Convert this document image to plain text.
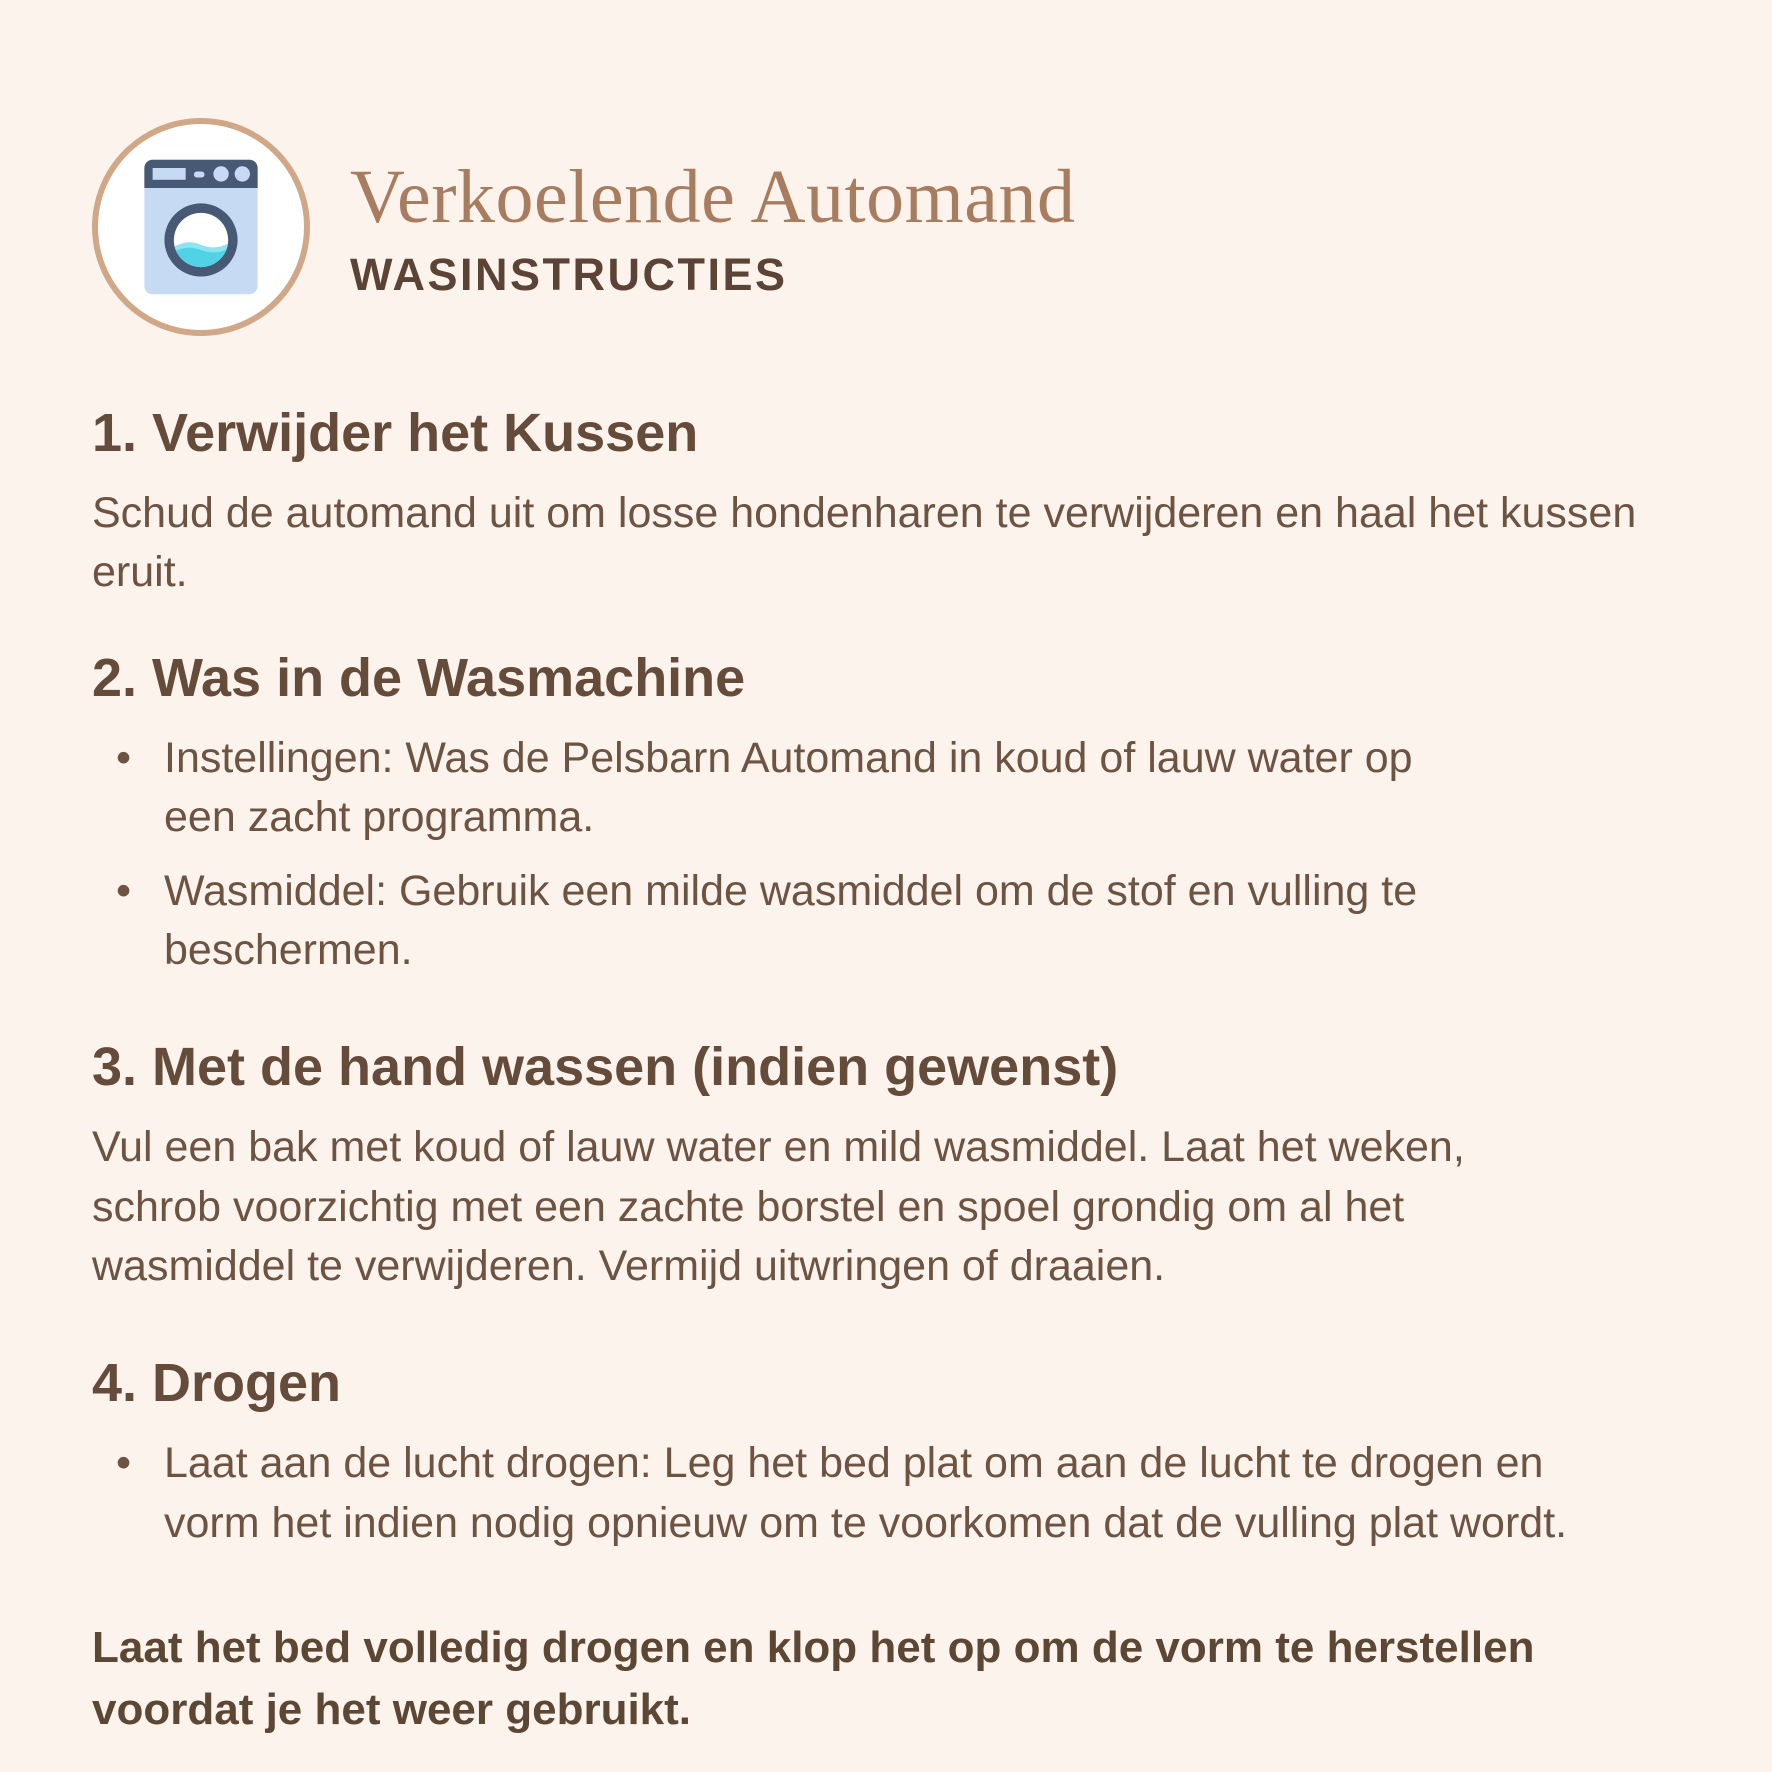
Verkoelende Automand
WASINSTRUCTIES
1. Verwijder het Kussen

Schud de automand uit om losse hondenharen te verwijderen en haal het kussen eruit.

2. Was in de Wasmachine
• Instellingen: Was de Pelsbarn Automand in koud of lauw water op een zacht programma.
• Wasmiddel: Gebruik een milde wasmiddel om de stof en vulling te beschermen.
3. Met de hand wassen (indien gewenst)

Vul een bak met koud of lauw water en mild wasmiddel. Laat het weken, schrob voorzichtig met een zachte borstel en spoel grondig om al het wasmiddel te verwijderen. Vermijd uitwringen of draaien.

4. Drogen
• Laat aan de lucht drogen: Leg het bed plat om aan de lucht te drogen en vorm het indien nodig opnieuw om te voorkomen dat de vulling plat wordt.

Laat het bed volledig drogen en klop het op om de vorm te herstellen voordat je het weer gebruikt.
